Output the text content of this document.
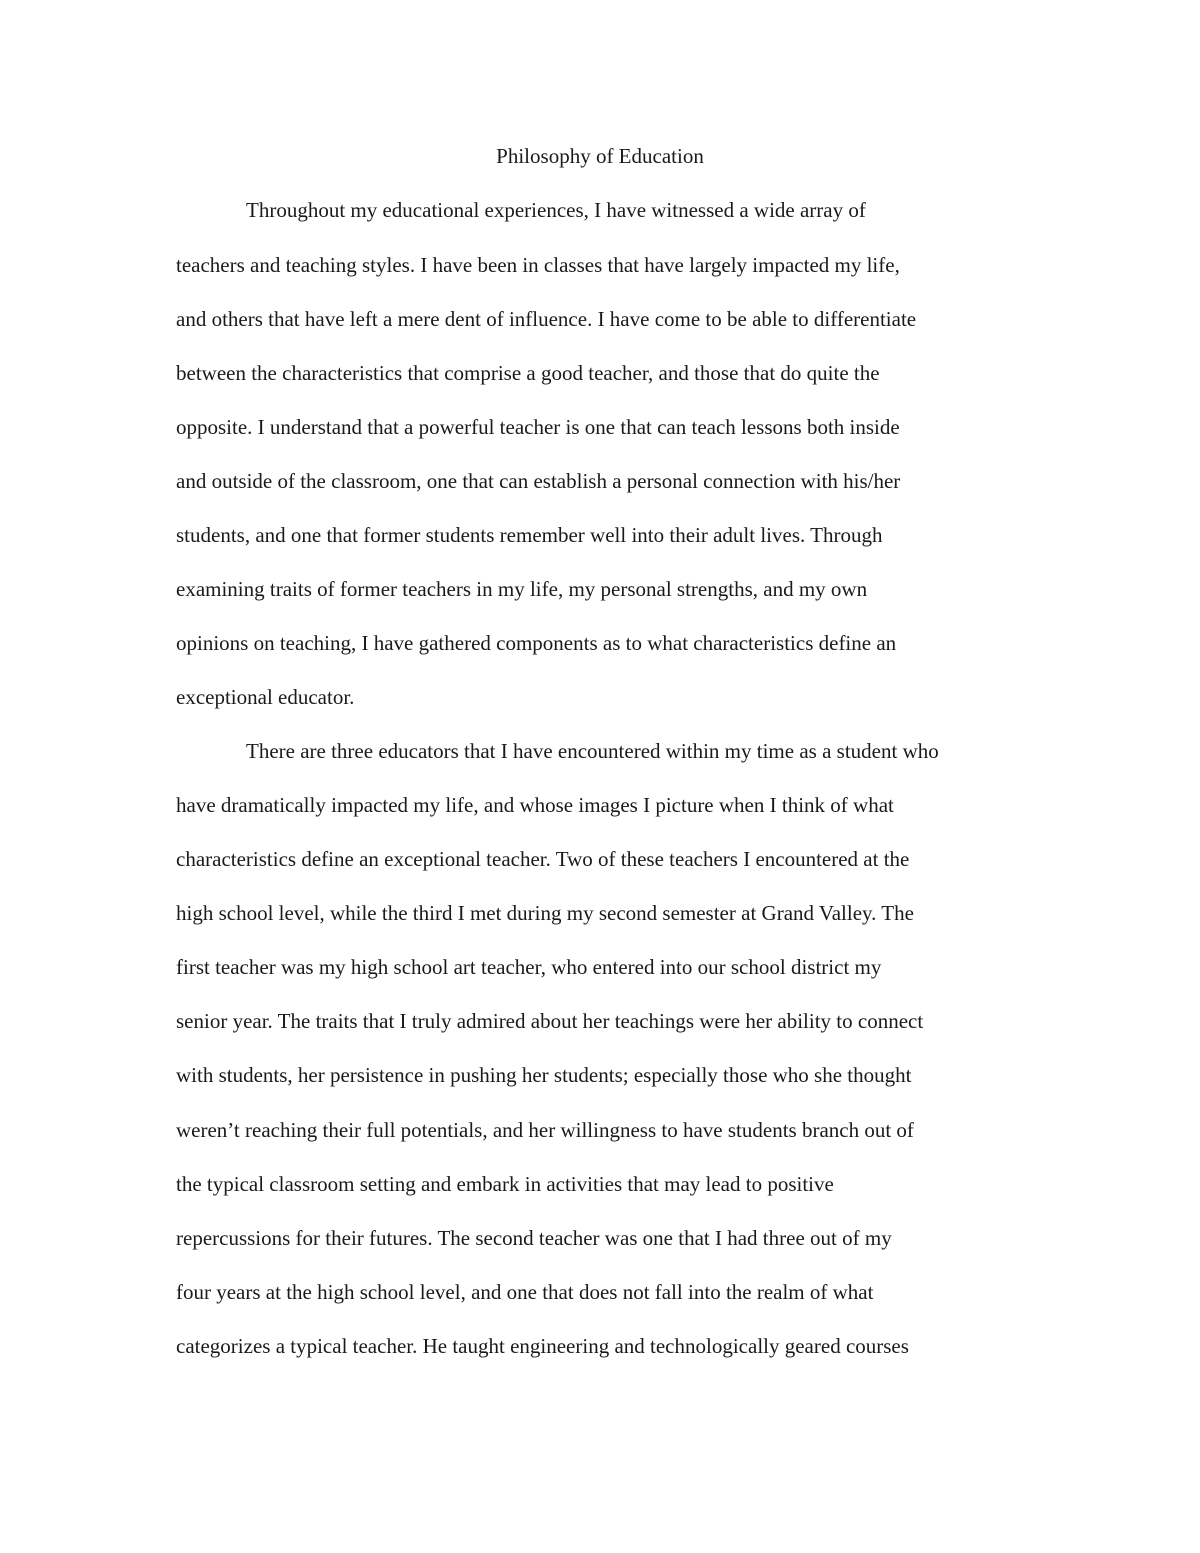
Philosophy of Education
Throughout my educational experiences, I have witnessed a wide array of
teachers and teaching styles. I have been in classes that have largely impacted my life,
and others that have left a mere dent of influence. I have come to be able to differentiate
between the characteristics that comprise a good teacher, and those that do quite the
opposite. I understand that a powerful teacher is one that can teach lessons both inside
and outside of the classroom, one that can establish a personal connection with his/her
students, and one that former students remember well into their adult lives. Through
examining traits of former teachers in my life, my personal strengths, and my own
opinions on teaching, I have gathered components as to what characteristics define an
exceptional educator.
There are three educators that I have encountered within my time as a student who
have dramatically impacted my life, and whose images I picture when I think of what
characteristics define an exceptional teacher. Two of these teachers I encountered at the
high school level, while the third I met during my second semester at Grand Valley. The
first teacher was my high school art teacher, who entered into our school district my
senior year. The traits that I truly admired about her teachings were her ability to connect
with students, her persistence in pushing her students; especially those who she thought
weren’t reaching their full potentials, and her willingness to have students branch out of
the typical classroom setting and embark in activities that may lead to positive
repercussions for their futures. The second teacher was one that I had three out of my
four years at the high school level, and one that does not fall into the realm of what
categorizes a typical teacher. He taught engineering and technologically geared courses
